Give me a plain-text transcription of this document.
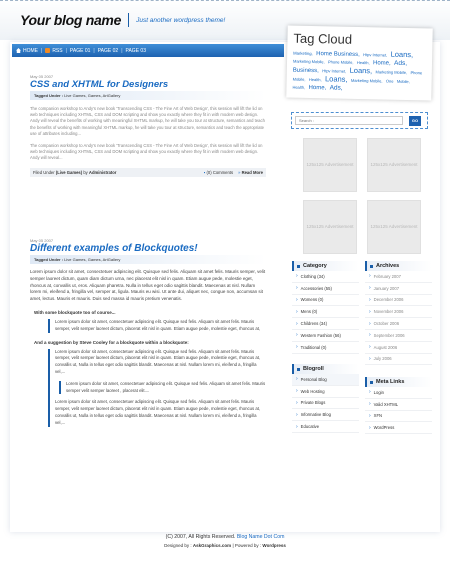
Your blog name Just another wordpress theme!
HOME | RSS | PAGE 01 | PAGE 02 | PAGE 03
May 05 2007
CSS and XHTML for Designers
Tagged Under : Live Games, Games, ArtGallery
The companion workshop to Andy's new book 'Transcending CSS - The Fine Art of Web Design', this session will lift the lid on web techniques including XHTML, CSS and DOM scripting and show you exactly where they fit in with modern web design. Andy will reveal the benefits of working with meaningful XHTML markup, he will take you tour at structure, semantics and teach the benefits of working with meaningful XHTML markup, he will take you tour at structure, semantics and teach the appropriate use of attributes including...
The companion workshop to Andy's new book 'Transcending CSS - The Fine Art of Web Design', this session will lift the lid on web techniques including XHTML, CSS and DOM scripting and show you exactly where they fit in with modern web design. Andy will reveal...
Filed Under (Live Games) by Administrator	▪ (0) Comments » Read More
May 05 2007
Different examples of Blockquotes!
Tagged Under : Live Games, Games, ArtGallery
Lorem ipsum dolor sit amet, consectetuer adipiscing elit. Quisque sed felis. Aliquam sit amet felis. Mauris semper, velit semper laoreet dictum, quam diam dictum urna, nec placerat elit nisl in quam. Etiam augue pede, molestie eget, rhoncus at, convallis ut, eros. Aliquam pharetra. Nulla in tellus eget odio sagittis blandit. Maecenas at nisl. Nullam lorem mi, eleifend a, fringilla vel, semper at, ligula. Mauris eu wisi. Ut ante dui, aliquet nec, congue non, accumsan sit amet, lectus. Mauris et mauris. Duis sed massa id mauris pretium venenatis.
With some blockquote too of course...
Lorem ipsum dolor sit amet, consectetuer adipiscing elit. Quisque sed felis. Aliquam sit amet felis. Mauris semper, velit semper laoreet dictum, placerat elit nisl in quam. Etiam augue pede, molestie eget, rhoncus at,
And a suggestion by Steve Cooley for a blockquote within a blockquote:
Lorem ipsum dolor sit amet, consectetuer adipiscing elit. Quisque sed felis. Aliquam sit amet felis. Mauris semper, velit semper laoreet dictum, placerat elit nisl in quam. Etiam augue pede, molestie eget, rhoncus at, convallis ut, Nulla in tellus eget odio sagittis blandit. Maecenas at nisl. Nullam lorem mi, eleifend a, fringilla vel,...
Lorem ipsum dolor sit amet, consectetuer adipiscing elit. Quisque sed felis. Aliquam sit amet felis. Mauris semper velit semper laoreet , placerat elit....
Lorem ipsum dolor sit amet, consectetuer adipiscing elit. Quisque sed felis. Aliquam sit amet felis. Mauris semper, velit semper laoreet dictum, placerat elit nisl in quam. Etiam augue pede, molestie eget, rhoncus at, convallis ut, Nulla in tellus eget odio sagittis blandit. Maecenas at nisl. Nullam lorem mi, eleifend a, fringilla vel,...
Tag Cloud
Marketing, Home Business, Htpv Internet, Loans, Marketing Mobile, Phone Mobile, Health, Home, Ads, Business, Htpv Internet, Loans, Marketing Mobile, Phone Mobile, Health, Loans, Marketing Mobile, One Mobile, Health, Home, Ads,
Search :
GO
125x125 Advertisement	125x125 Advertisement
125x125 Advertisement	125x125 Advertisement
Category
› Clothing (34)
› Accessories (55)
› Womens (0)
› Mens (0)
› Childrens (34)
› Western Fashion (56)
› Traditional (0)
Archives
› February 2007
› January 2007
› December 2006
› November 2006
› October 2006
› September 2006
› August 2006
› July 2006
Blogroll
› Personal Blog
› Web Hosting
› Private Blogs
› Informative Blog
› Educative
Meta Links
› Login
› Valid XHTML
› XFN
› WordPress
(C) 2007, All Rights Reserved. Blog Name Dot Com
Designed by : AskGraphics.com | Powered by : Wordpress
